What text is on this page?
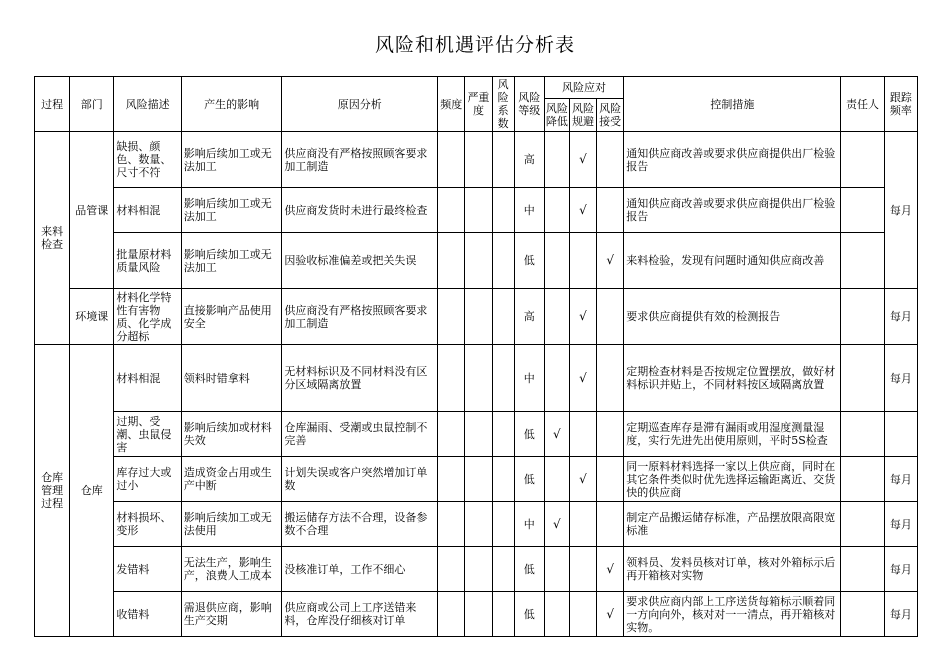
风险和机遇评估分析表
过程	部门	风险描述	产生的影响	原因分析	频度	严重度	风险系数	风险等级	风险应对			控制措施	责任人	跟踪频率
									风险降低	风险规避	风险接受			
来料检查	品管课	缺损、颜色、数量、尺寸不符	影响后续加工或无法加工	供应商没有严格按照顾客要求加工制造				高		√		通知供应商改善或要求供应商提供出厂检验报告		每月
		材料相混	影响后续加工或无法加工	供应商发货时未进行最终检查				中		√		通知供应商改善或要求供应商提供出厂检验报告		
		批量原材料质量风险	影响后续加工或无法加工	因验收标准偏差或把关失误				低			√	来料检验，发现有问题时通知供应商改善		
	环境课	材料化学特性有害物质、化学成分超标	直接影响产品使用安全	供应商没有严格按照顾客要求加工制造				高		√		要求供应商提供有效的检测报告		每月
仓库管理过程	仓库	材料相混	领料时错拿料	无材料标识及不同材料没有区分区域隔离放置				中		√		定期检查材料是否按规定位置摆放，做好材料标识并贴上，不同材料按区域隔离放置		每月
		过期、受潮、虫鼠侵害	影响后续加或材料失效	仓库漏雨、受潮或虫鼠控制不完善				低	√			定期巡查库存是滞有漏雨或用湿度测量湿度，实行先进先出使用原则，平时5S检查		
		库存过大或过小	造成资金占用或生产中断	计划失误或客户突然增加订单数				低		√		同一原料材料选择一家以上供应商，同时在其它条件类似时优先选择运输距离近、交货快的供应商		每月
		材料损坏、变形	影响后续加工或无法使用	搬运储存方法不合理，设备参数不合理				中	√			制定产品搬运储存标准，产品摆放限高限宽标准		每月
		发错料	无法生产，影响生产，浪费人工成本	没核准订单，工作不细心				低			√	领料员、发料员核对订单，核对外箱标示后再开箱核对实物		每月
		收错料	需退供应商，影响生产交期	供应商或公司上工序送错来料，仓库没仔细核对订单				低			√	要求供应商内部上工序送货每箱标示顺着同一方向向外，核对对一一清点，再开箱核对实物。		每月
